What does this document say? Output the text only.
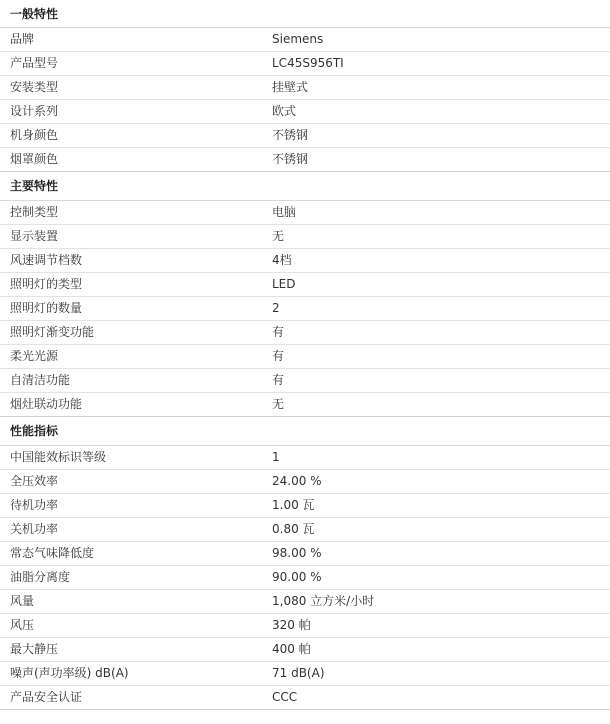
一般特性
品牌	Siemens
产品型号	LC45S956TI
安装类型	挂壁式
设计系列	欧式
机身颜色	不锈钢
烟罩颜色	不锈钢
主要特性
控制类型	电脑
显示装置	无
风速调节档数	4档
照明灯的类型	LED
照明灯的数量	2
照明灯渐变功能	有
柔光光源	有
自清洁功能	有
烟灶联动功能	无
性能指标
中国能效标识等级	1
全压效率	24.00 %
待机功率	1.00 瓦
关机功率	0.80 瓦
常态气味降低度	98.00 %
油脂分离度	90.00 %
风量	1,080 立方米/小时
风压	320 帕
最大静压	400 帕
噪声(声功率级) dB(A)	71 dB(A)
产品安全认证	CCC
